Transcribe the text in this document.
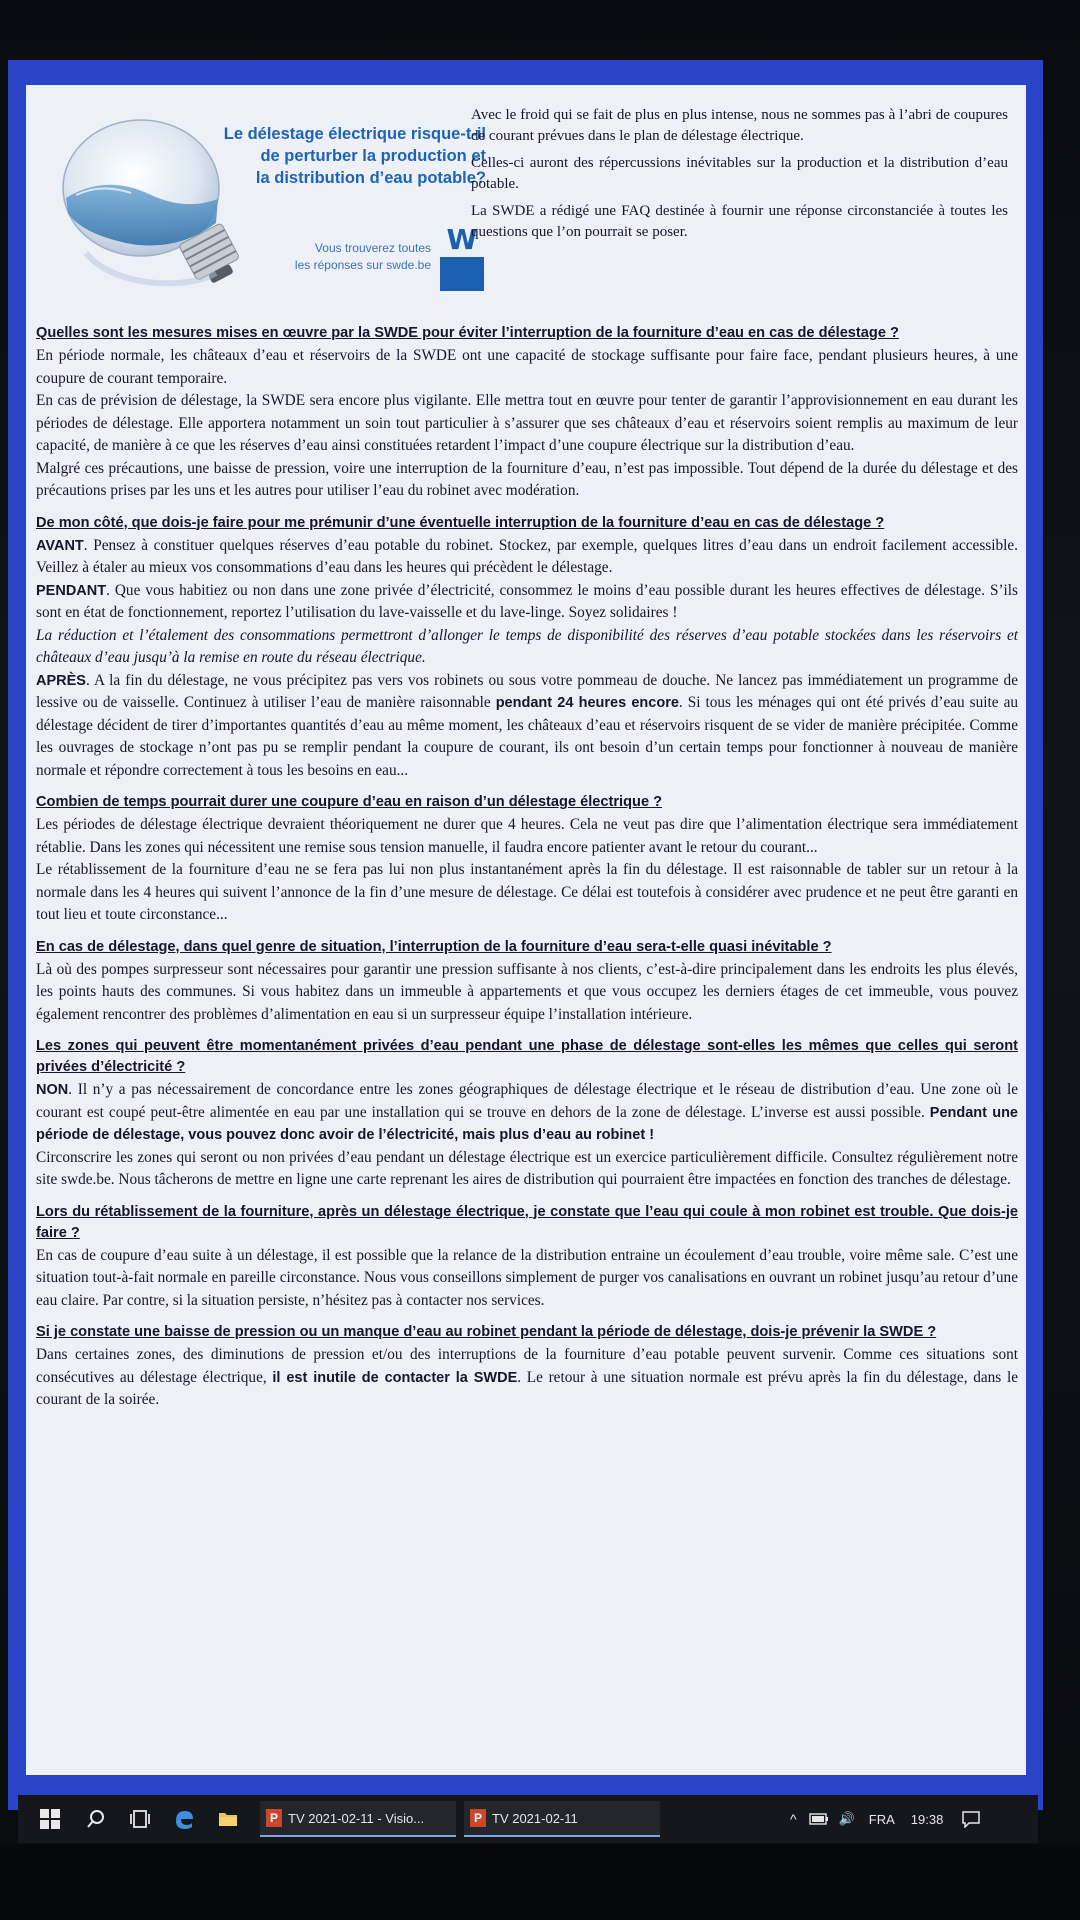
Le délestage électrique risque-t-il
de perturber la production et
la distribution d’eau potable?
Vous trouverez toutes
les réponses sur swde.be
W

Avec le froid qui se fait de plus en plus intense, nous ne sommes pas à l’abri de coupures de courant prévues dans le plan de délestage électrique.

Celles-ci auront des répercussions inévitables sur la production et la distribution d’eau potable.

La SWDE a rédigé une FAQ destinée à fournir une réponse circonstanciée à toutes les questions que l’on pourrait se poser.

Quelles sont les mesures mises en œuvre par la SWDE pour éviter l’interruption de la fourniture d’eau en cas de délestage ?

En période normale, les châteaux d’eau et réservoirs de la SWDE ont une capacité de stockage suffisante pour faire face, pendant plusieurs heures, à une coupure de courant temporaire.

En cas de prévision de délestage, la SWDE sera encore plus vigilante. Elle mettra tout en œuvre pour tenter de garantir l’approvisionnement en eau durant les périodes de délestage. Elle apportera notamment un soin tout particulier à s’assurer que ses châteaux d’eau et réservoirs soient remplis au maximum de leur capacité, de manière à ce que les réserves d’eau ainsi constituées retardent l’impact d’une coupure électrique sur la distribution d’eau.

Malgré ces précautions, une baisse de pression, voire une interruption de la fourniture d’eau, n’est pas impossible. Tout dépend de la durée du délestage et des précautions prises par les uns et les autres pour utiliser l’eau du robinet avec modération.

De mon côté, que dois-je faire pour me prémunir d’une éventuelle interruption de la fourniture d’eau en cas de délestage ?

AVANT. Pensez à constituer quelques réserves d’eau potable du robinet. Stockez, par exemple, quelques litres d’eau dans un endroit facilement accessible. Veillez à étaler au mieux vos consommations d’eau dans les heures qui précèdent le délestage.

PENDANT. Que vous habitiez ou non dans une zone privée d’électricité, consommez le moins d’eau possible durant les heures effectives de délestage. S’ils sont en état de fonctionnement, reportez l’utilisation du lave-vaisselle et du lave-linge. Soyez solidaires !

La réduction et l’étalement des consommations permettront d’allonger le temps de disponibilité des réserves d’eau potable stockées dans les réservoirs et châteaux d’eau jusqu’à la remise en route du réseau électrique.

APRÈS. A la fin du délestage, ne vous précipitez pas vers vos robinets ou sous votre pommeau de douche. Ne lancez pas immédiatement un programme de lessive ou de vaisselle. Continuez à utiliser l’eau de manière raisonnable pendant 24 heures encore. Si tous les ménages qui ont été privés d’eau suite au délestage décident de tirer d’importantes quantités d’eau au même moment, les châteaux d’eau et réservoirs risquent de se vider de manière précipitée. Comme les ouvrages de stockage n’ont pas pu se remplir pendant la coupure de courant, ils ont besoin d’un certain temps pour fonctionner à nouveau de manière normale et répondre correctement à tous les besoins en eau...

Combien de temps pourrait durer une coupure d’eau en raison d’un délestage électrique ?

Les périodes de délestage électrique devraient théoriquement ne durer que 4 heures. Cela ne veut pas dire que l’alimentation électrique sera immédiatement rétablie. Dans les zones qui nécessitent une remise sous tension manuelle, il faudra encore patienter avant le retour du courant...

Le rétablissement de la fourniture d’eau ne se fera pas lui non plus instantanément après la fin du délestage. Il est raisonnable de tabler sur un retour à la normale dans les 4 heures qui suivent l’annonce de la fin d’une mesure de délestage. Ce délai est toutefois à considérer avec prudence et ne peut être garanti en tout lieu et toute circonstance...

En cas de délestage, dans quel genre de situation, l’interruption de la fourniture d’eau sera-t-elle quasi inévitable ?

Là où des pompes surpresseur sont nécessaires pour garantir une pression suffisante à nos clients, c’est-à-dire principalement dans les endroits les plus élevés, les points hauts des communes. Si vous habitez dans un immeuble à appartements et que vous occupez les derniers étages de cet immeuble, vous pouvez également rencontrer des problèmes d’alimentation en eau si un surpresseur équipe l’installation intérieure.

Les zones qui peuvent être momentanément privées d’eau pendant une phase de délestage sont-elles les mêmes que celles qui seront privées d’électricité ?

NON. Il n’y a pas nécessairement de concordance entre les zones géographiques de délestage électrique et le réseau de distribution d’eau. Une zone où le courant est coupé peut-être alimentée en eau par une installation qui se trouve en dehors de la zone de délestage. L’inverse est aussi possible. Pendant une période de délestage, vous pouvez donc avoir de l’électricité, mais plus d’eau au robinet !

Circonscrire les zones qui seront ou non privées d’eau pendant un délestage électrique est un exercice particulièrement difficile. Consultez régulièrement notre site swde.be. Nous tâcherons de mettre en ligne une carte reprenant les aires de distribution qui pourraient être impactées en fonction des tranches de délestage.

Lors du rétablissement de la fourniture, après un délestage électrique, je constate que l’eau qui coule à mon robinet est trouble. Que dois-je faire ?

En cas de coupure d’eau suite à un délestage, il est possible que la relance de la distribution entraine un écoulement d’eau trouble, voire même sale. C’est une situation tout-à-fait normale en pareille circonstance. Nous vous conseillons simplement de purger vos canalisations en ouvrant un robinet jusqu’au retour d’une eau claire. Par contre, si la situation persiste, n’hésitez pas à contacter nos services.

Si je constate une baisse de pression ou un manque d’eau au robinet pendant la période de délestage, dois-je prévenir la SWDE ?

Dans certaines zones, des diminutions de pression et/ou des interruptions de la fourniture d’eau potable peuvent survenir. Comme ces situations sont consécutives au délestage électrique, il est inutile de contacter la SWDE. Le retour à une situation normale est prévu après la fin du délestage, dans le courant de la soirée.

P TV 2021-02-11 - Visio...	P TV 2021-02-11	^	🔊 FRA 19:38
